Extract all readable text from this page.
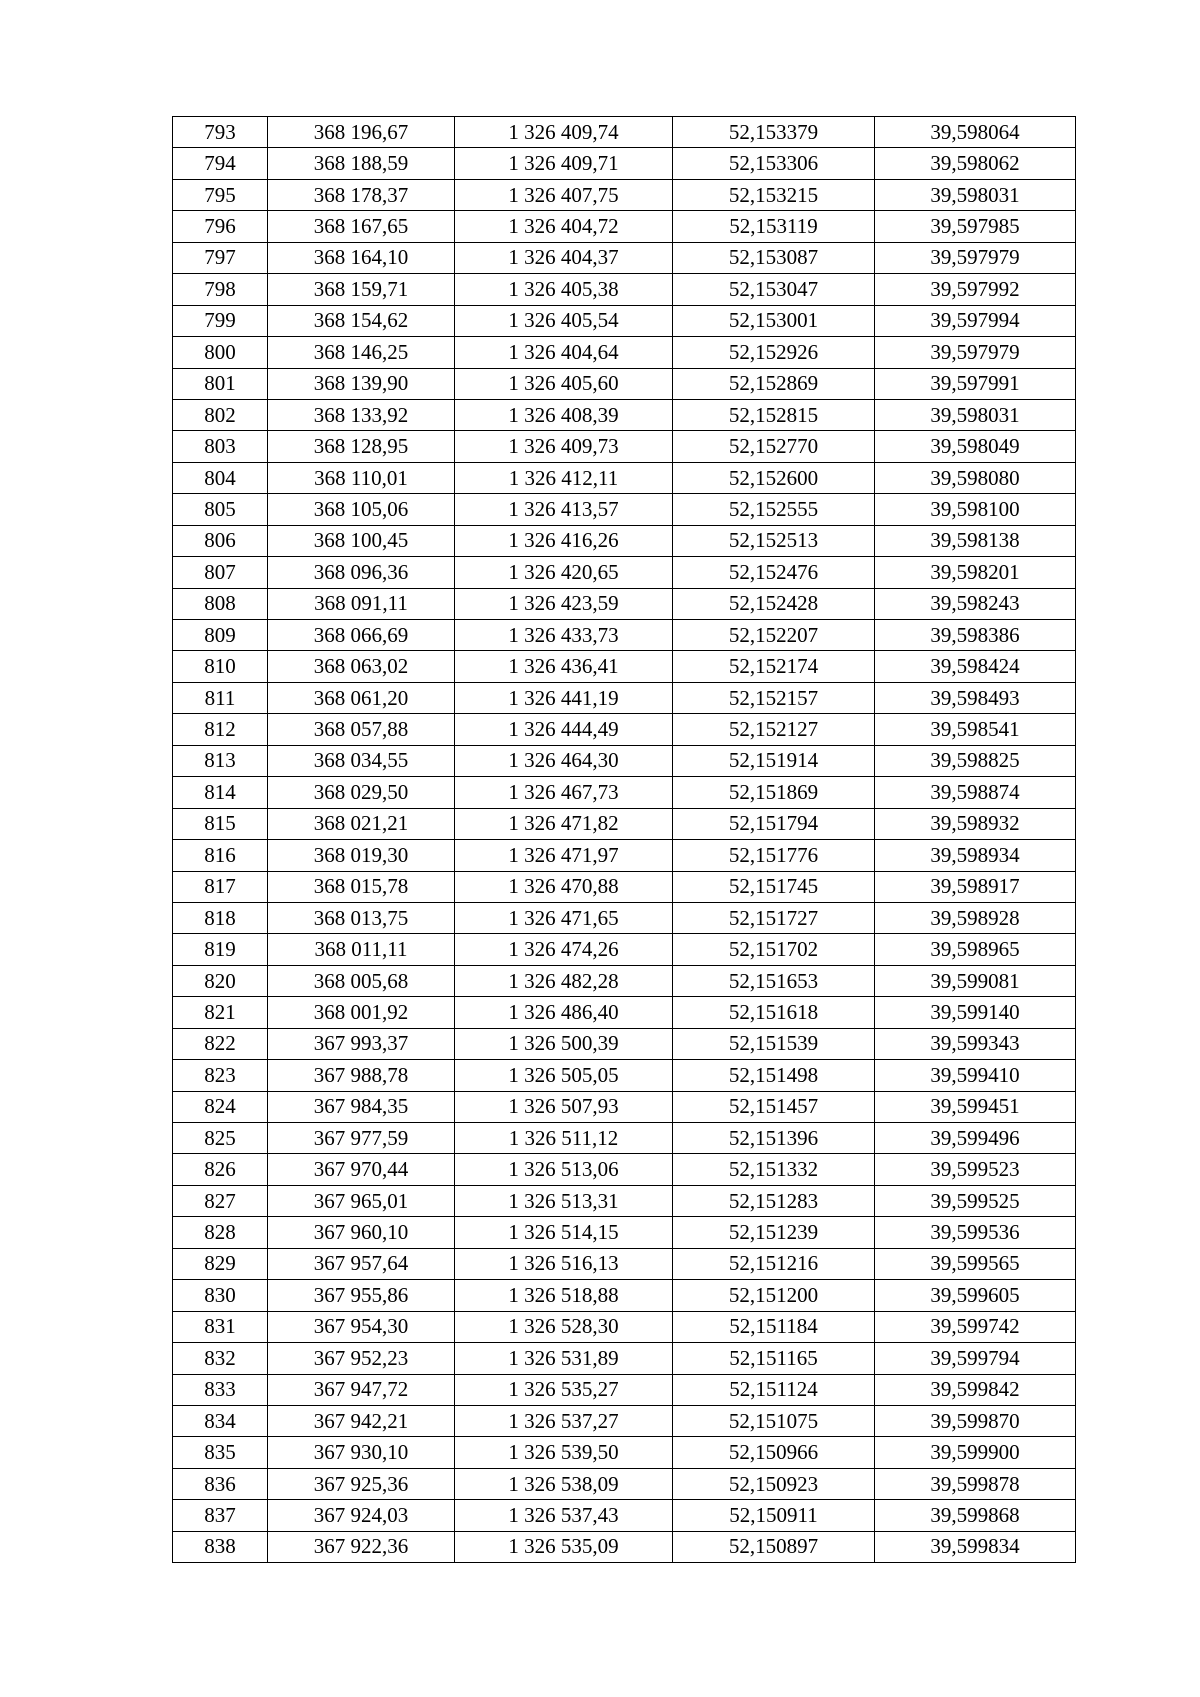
793	368 196,67	1 326 409,74	52,153379	39,598064
794	368 188,59	1 326 409,71	52,153306	39,598062
795	368 178,37	1 326 407,75	52,153215	39,598031
796	368 167,65	1 326 404,72	52,153119	39,597985
797	368 164,10	1 326 404,37	52,153087	39,597979
798	368 159,71	1 326 405,38	52,153047	39,597992
799	368 154,62	1 326 405,54	52,153001	39,597994
800	368 146,25	1 326 404,64	52,152926	39,597979
801	368 139,90	1 326 405,60	52,152869	39,597991
802	368 133,92	1 326 408,39	52,152815	39,598031
803	368 128,95	1 326 409,73	52,152770	39,598049
804	368 110,01	1 326 412,11	52,152600	39,598080
805	368 105,06	1 326 413,57	52,152555	39,598100
806	368 100,45	1 326 416,26	52,152513	39,598138
807	368 096,36	1 326 420,65	52,152476	39,598201
808	368 091,11	1 326 423,59	52,152428	39,598243
809	368 066,69	1 326 433,73	52,152207	39,598386
810	368 063,02	1 326 436,41	52,152174	39,598424
811	368 061,20	1 326 441,19	52,152157	39,598493
812	368 057,88	1 326 444,49	52,152127	39,598541
813	368 034,55	1 326 464,30	52,151914	39,598825
814	368 029,50	1 326 467,73	52,151869	39,598874
815	368 021,21	1 326 471,82	52,151794	39,598932
816	368 019,30	1 326 471,97	52,151776	39,598934
817	368 015,78	1 326 470,88	52,151745	39,598917
818	368 013,75	1 326 471,65	52,151727	39,598928
819	368 011,11	1 326 474,26	52,151702	39,598965
820	368 005,68	1 326 482,28	52,151653	39,599081
821	368 001,92	1 326 486,40	52,151618	39,599140
822	367 993,37	1 326 500,39	52,151539	39,599343
823	367 988,78	1 326 505,05	52,151498	39,599410
824	367 984,35	1 326 507,93	52,151457	39,599451
825	367 977,59	1 326 511,12	52,151396	39,599496
826	367 970,44	1 326 513,06	52,151332	39,599523
827	367 965,01	1 326 513,31	52,151283	39,599525
828	367 960,10	1 326 514,15	52,151239	39,599536
829	367 957,64	1 326 516,13	52,151216	39,599565
830	367 955,86	1 326 518,88	52,151200	39,599605
831	367 954,30	1 326 528,30	52,151184	39,599742
832	367 952,23	1 326 531,89	52,151165	39,599794
833	367 947,72	1 326 535,27	52,151124	39,599842
834	367 942,21	1 326 537,27	52,151075	39,599870
835	367 930,10	1 326 539,50	52,150966	39,599900
836	367 925,36	1 326 538,09	52,150923	39,599878
837	367 924,03	1 326 537,43	52,150911	39,599868
838	367 922,36	1 326 535,09	52,150897	39,599834
